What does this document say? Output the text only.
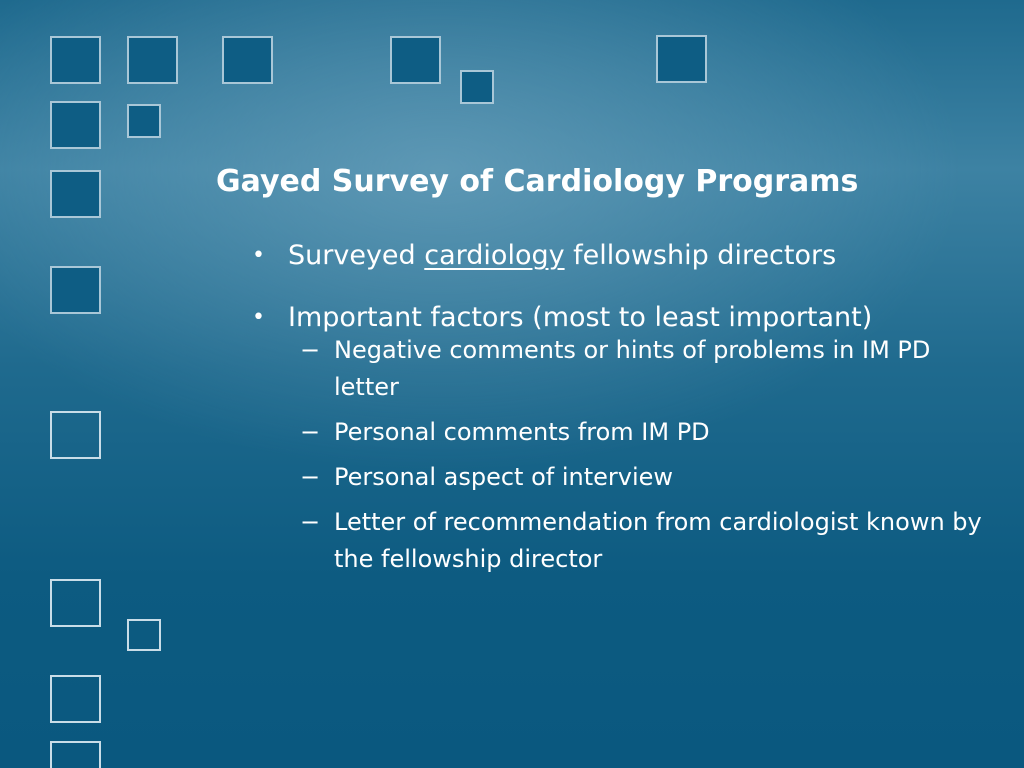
Gayed Survey of Cardiology Programs
• Surveyed cardiology fellowship directors
• Important factors (most to least important)
− Negative comments or hints of problems in IM PD letter
− Personal comments from IM PD
− Personal aspect of interview
− Letter of recommendation from cardiologist known by the fellowship director
